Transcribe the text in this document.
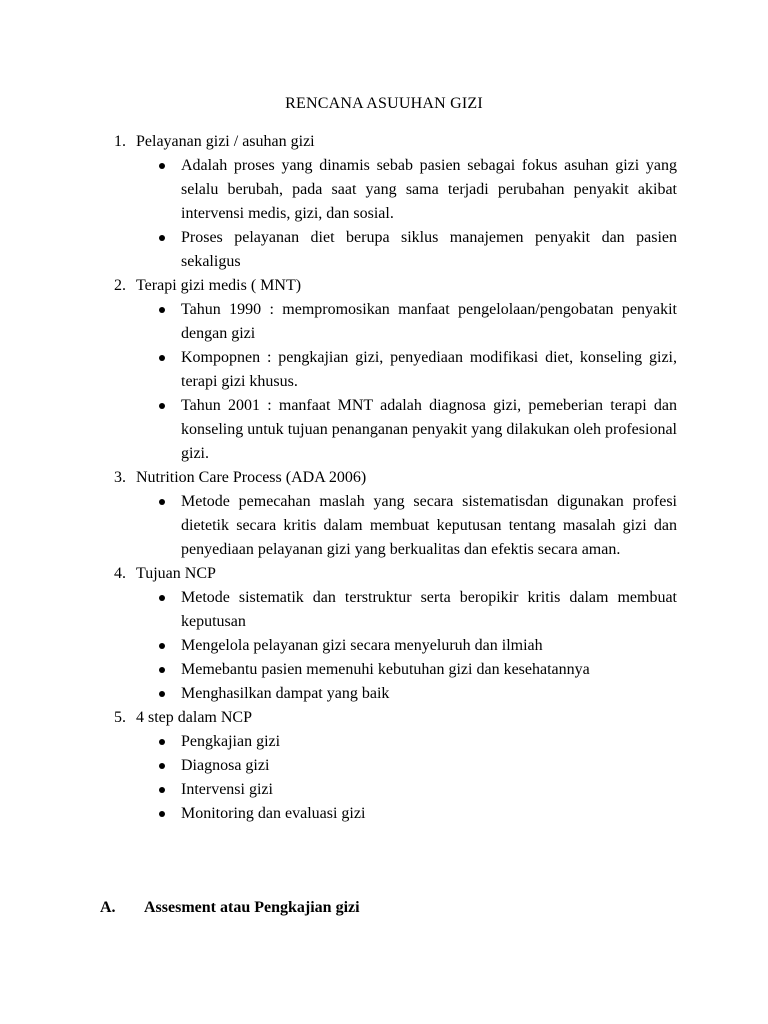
RENCANA ASUUHAN GIZI
1. Pelayanan gizi / asuhan gizi
Adalah proses yang dinamis sebab pasien sebagai fokus asuhan gizi yang selalu berubah, pada saat yang sama terjadi perubahan penyakit akibat intervensi medis, gizi, dan sosial.
Proses pelayanan diet berupa siklus manajemen penyakit dan pasien sekaligus
2. Terapi gizi medis ( MNT)
Tahun 1990 : mempromosikan manfaat pengelolaan/pengobatan penyakit dengan gizi
Kompopnen : pengkajian gizi, penyediaan modifikasi diet, konseling gizi, terapi gizi khusus.
Tahun 2001 : manfaat MNT adalah diagnosa gizi, pemeberian terapi dan konseling untuk tujuan penanganan penyakit yang dilakukan oleh profesional gizi.
3. Nutrition Care Process (ADA 2006)
Metode pemecahan maslah yang secara sistematisdan digunakan profesi dietetik secara kritis dalam membuat keputusan tentang masalah gizi dan penyediaan pelayanan gizi yang berkualitas dan efektis secara aman.
4. Tujuan NCP
Metode sistematik dan terstruktur serta beropikir kritis dalam membuat keputusan
Mengelola pelayanan gizi secara menyeluruh dan ilmiah
Memebantu pasien memenuhi kebutuhan gizi dan kesehatannya
Menghasilkan dampat yang baik
5. 4 step dalam NCP
Pengkajian gizi
Diagnosa gizi
Intervensi gizi
Monitoring dan evaluasi gizi
A. Assesment atau Pengkajian gizi
